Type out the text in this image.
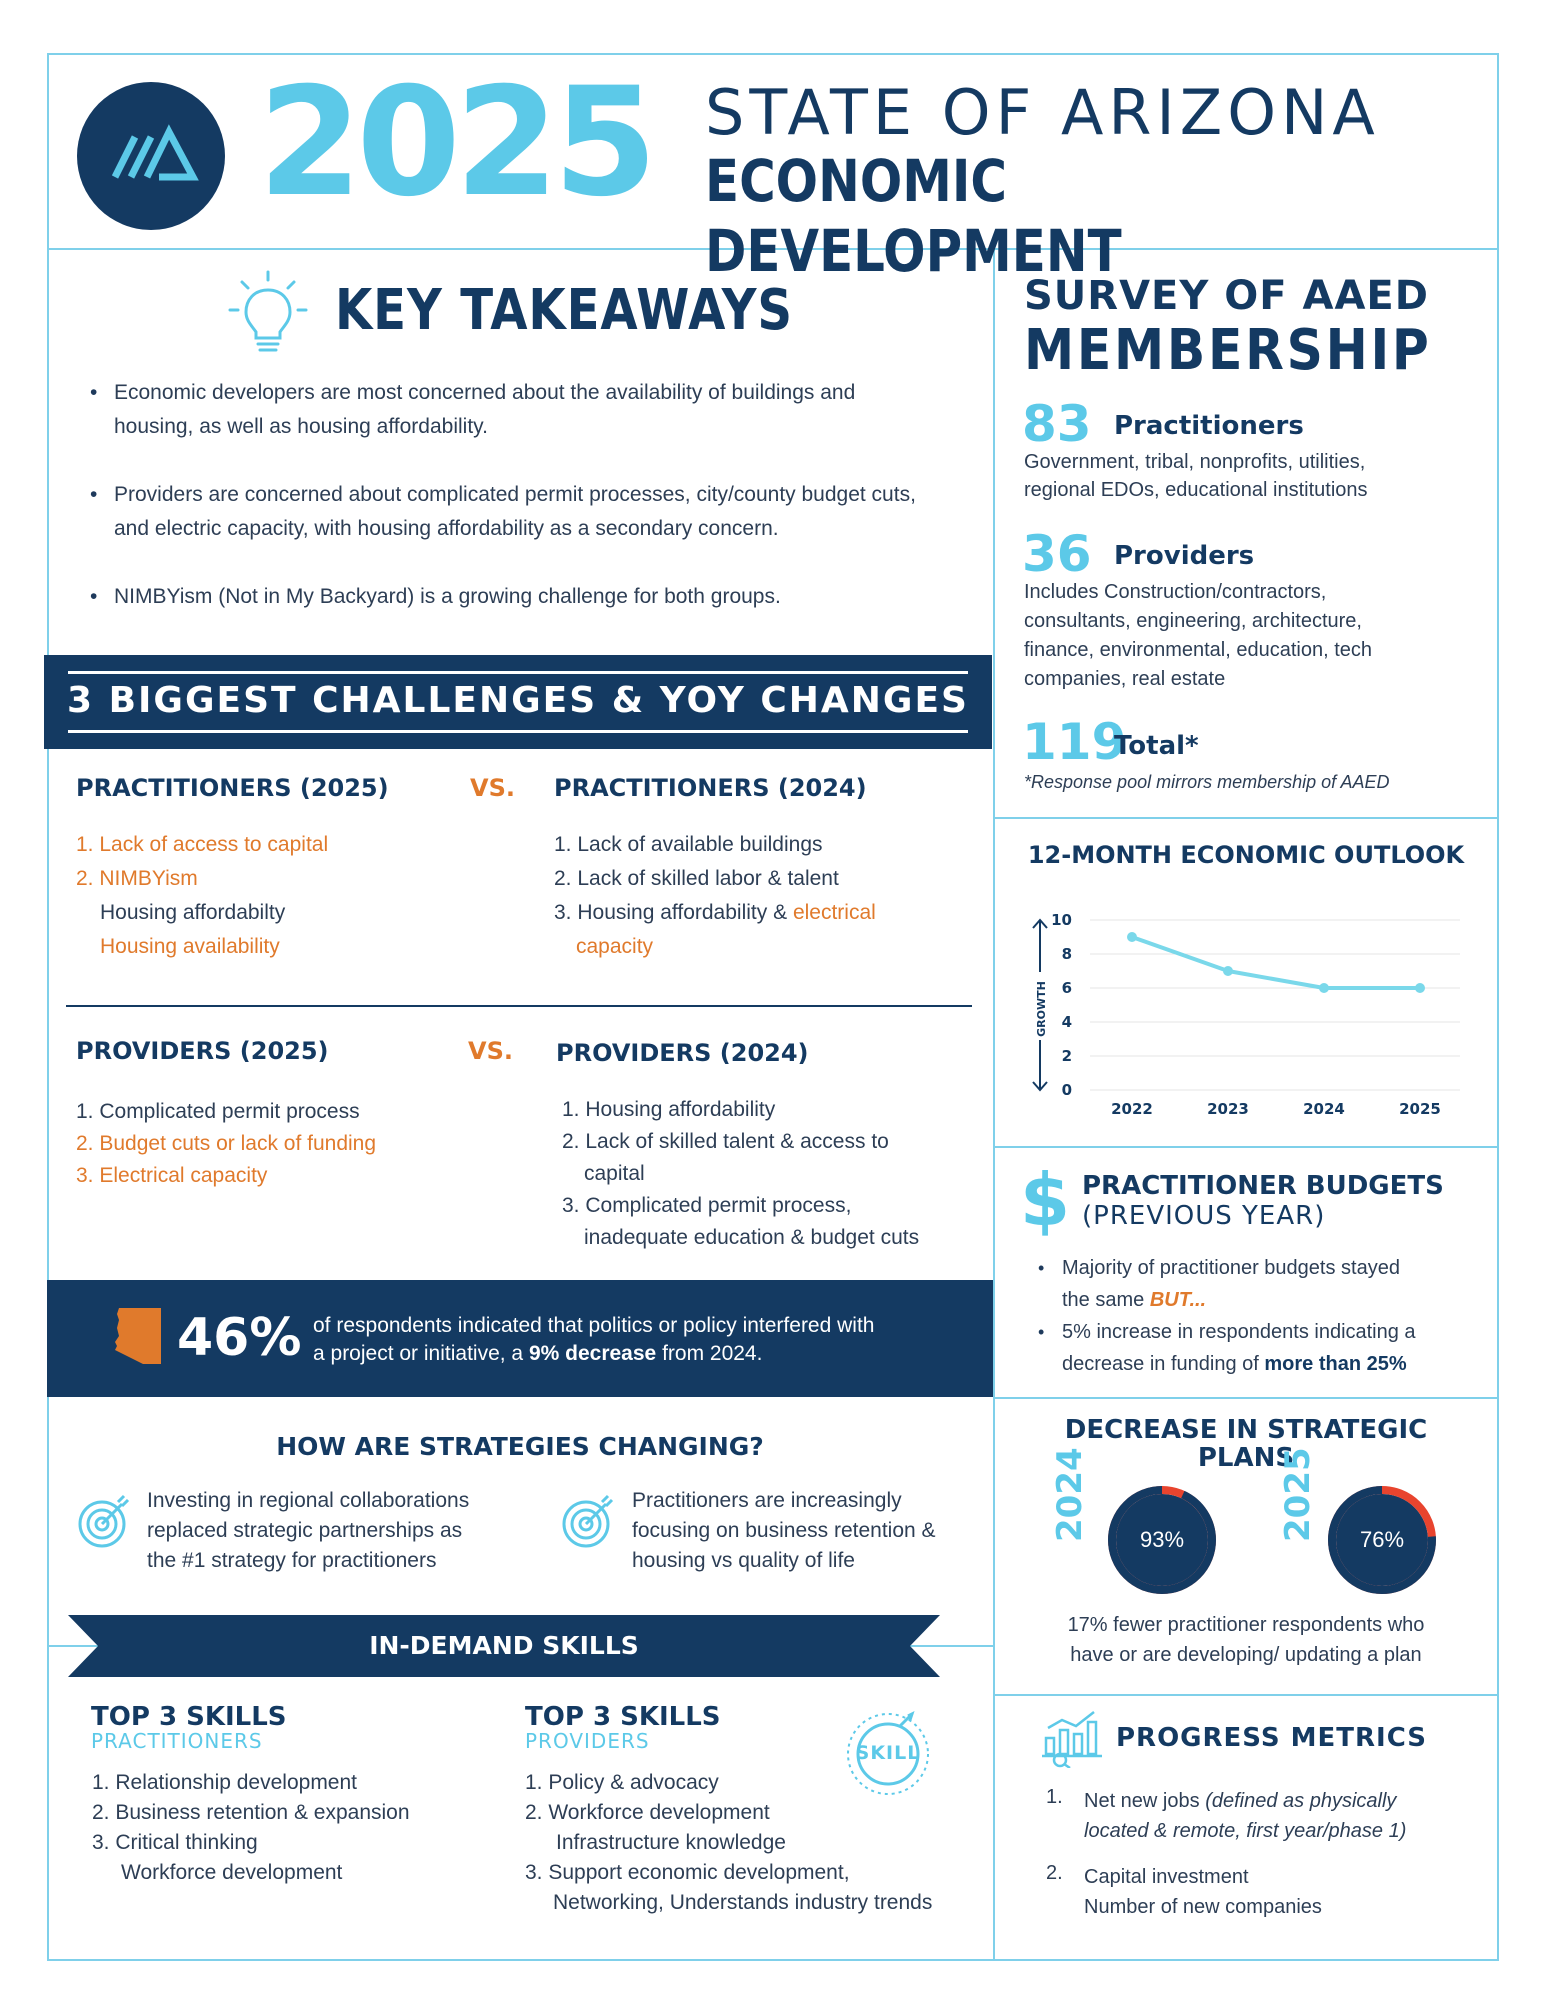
2025 STATE OF ARIZONA
ECONOMIC DEVELOPMENT
KEY TAKEAWAYS
• Economic developers are most concerned about the availability of buildings and housing, as well as housing affordability.
• Providers are concerned about complicated permit processes, city/county budget cuts, and electric capacity, with housing affordability as a secondary concern.
• NIMBYism (Not in My Backyard) is a growing challenge for both groups.
3 BIGGEST CHALLENGES & YOY CHANGES
PRACTITIONERS (2025)	VS. PRACTITIONERS (2024)
1. Lack of access to capital
2. NIMBYism
Housing affordabilty
Housing availability
1. Lack of available buildings
2. Lack of skilled labor & talent
3. Housing affordability & electrical
capacity
PROVIDERS (2025)	VS. PROVIDERS (2024)
1. Complicated permit process
2. Budget cuts or lack of funding
3. Electrical capacity
1. Housing affordability
2. Lack of skilled talent & access to
capital
3. Complicated permit process,
inadequate education & budget cuts
46% of respondents indicated that politics or policy interfered with
a project or initiative, a 9% decrease from 2024.
HOW ARE STRATEGIES CHANGING?
Investing in regional collaborations
replaced strategic partnerships as
the #1 strategy for practitioners
Practitioners are increasingly
focusing on business retention &
housing vs quality of life
IN-DEMAND SKILLS
TOP 3 SKILLS
PRACTITIONERS
1. Relationship development
2. Business retention & expansion
3. Critical thinking
Workforce development
TOP 3 SKILLS
PROVIDERS	SKILL
1. Policy & advocacy
2. Workforce development
Infrastructure knowledge
3. Support economic development,
Networking, Understands industry trends
SURVEY OF AAED
MEMBERSHIP
83 Practitioners
Government, tribal, nonprofits, utilities,
regional EDOs, educational institutions
36 Providers
Includes Construction/contractors,
consultants, engineering, architecture,
finance, environmental, education, tech
companies, real estate
119
Total*
*Response pool mirrors membership of AAED
12-MONTH ECONOMIC OUTLOOK
0
2
4
6
8
10
GROWTH
2022	2023	2024	2025
$ PRACTITIONER BUDGETS
(PREVIOUS YEAR)
• Majority of practitioner budgets stayed
the same BUT...
• 5% increase in respondents indicating a
decrease in funding of more than 25%
DECREASE IN STRATEGIC
PLANS
2024	93%	2025	76%
17% fewer practitioner respondents who
have or are developing/ updating a plan
PROGRESS METRICS
1. Net new jobs (defined as physically
located & remote, first year/phase 1)
2. Capital investment
Number of new companies
